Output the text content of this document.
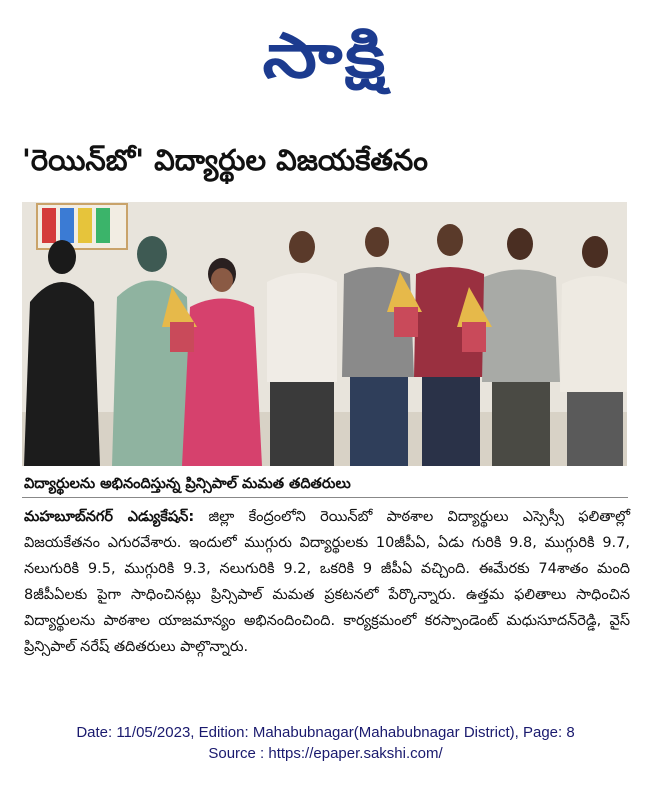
సాక్షి
'రెయిన్‌బో' విద్యార్థుల విజయకేతనం
విద్యార్థులను అభినందిస్తున్న ప్రిన్సిపాల్ మమత తదితరులు
మహబూబ్‌నగర్ ఎడ్యుకేషన్: జిల్లా కేంద్రంలోని రెయిన్‌బో పాఠశాల విద్యార్థులు ఎస్సెస్సీ ఫలితాల్లో విజయకేతనం ఎగురవేశారు. ఇందులో ముగ్గురు విద్యార్థులకు 10జీపీఏ, ఏడు గురికి 9.8, ముగ్గురికి 9.7, నలుగురికి 9.5, ముగ్గురికి 9.3, నలుగురికి 9.2, ఒకరికి 9 జీపీఏ వచ్చింది. ఈమేరకు 74శాతం మంది 8జీపీఏలకు పైగా సాధించినట్లు ప్రిన్సిపాల్ మమత ప్రకటనలో పేర్కొన్నారు. ఉత్తమ ఫలితాలు సాధించిన విద్యార్థులను పాఠశాల యాజమాన్యం అభినందించింది. కార్యక్రమంలో కరస్పాండెంట్ మధుసూదన్‌రెడ్డి, వైస్ ప్రిన్సిపాల్ నరేష్ తదితరులు పాల్గొన్నారు.
Date: 11/05/2023, Edition: Mahabubnagar(Mahabubnagar District), Page: 8
Source : https://epaper.sakshi.com/
